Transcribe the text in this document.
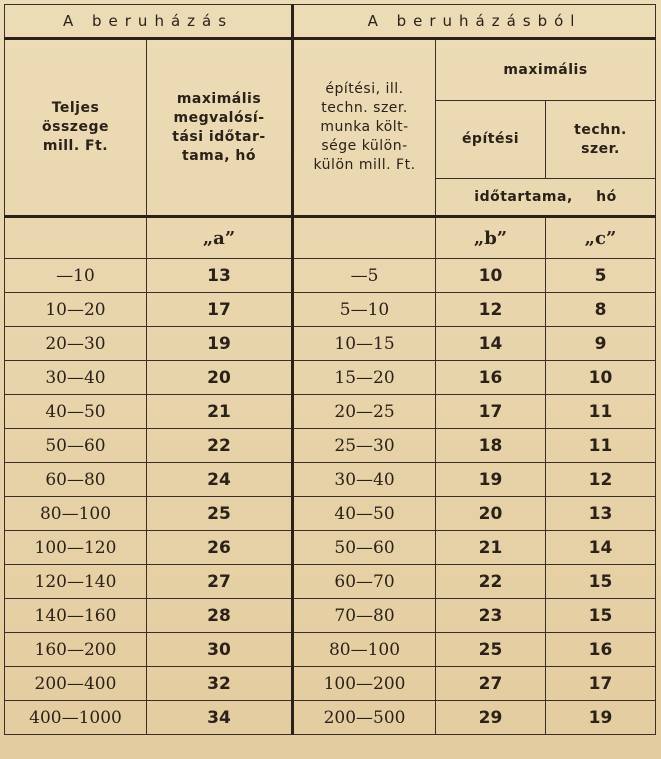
A beruházás		A beruházásból		
Teljes összege mill. Ft.	maximális megvalósí-tási időtar-tama, hó	építési, ill. techn. szer. munka költ-sége külön-külön mill. Ft.	maximális	
			építési	techn. szer.
			időtartama, hó	
	„a”		„b”	„c”
—10	13	—5	10	5
10—20	17	5—10	12	8
20—30	19	10—15	14	9
30—40	20	15—20	16	10
40—50	21	20—25	17	11
50—60	22	25—30	18	11
60—80	24	30—40	19	12
80—100	25	40—50	20	13
100—120	26	50—60	21	14
120—140	27	60—70	22	15
140—160	28	70—80	23	15
160—200	30	80—100	25	16
200—400	32	100—200	27	17
400—1000	34	200—500	29	19
